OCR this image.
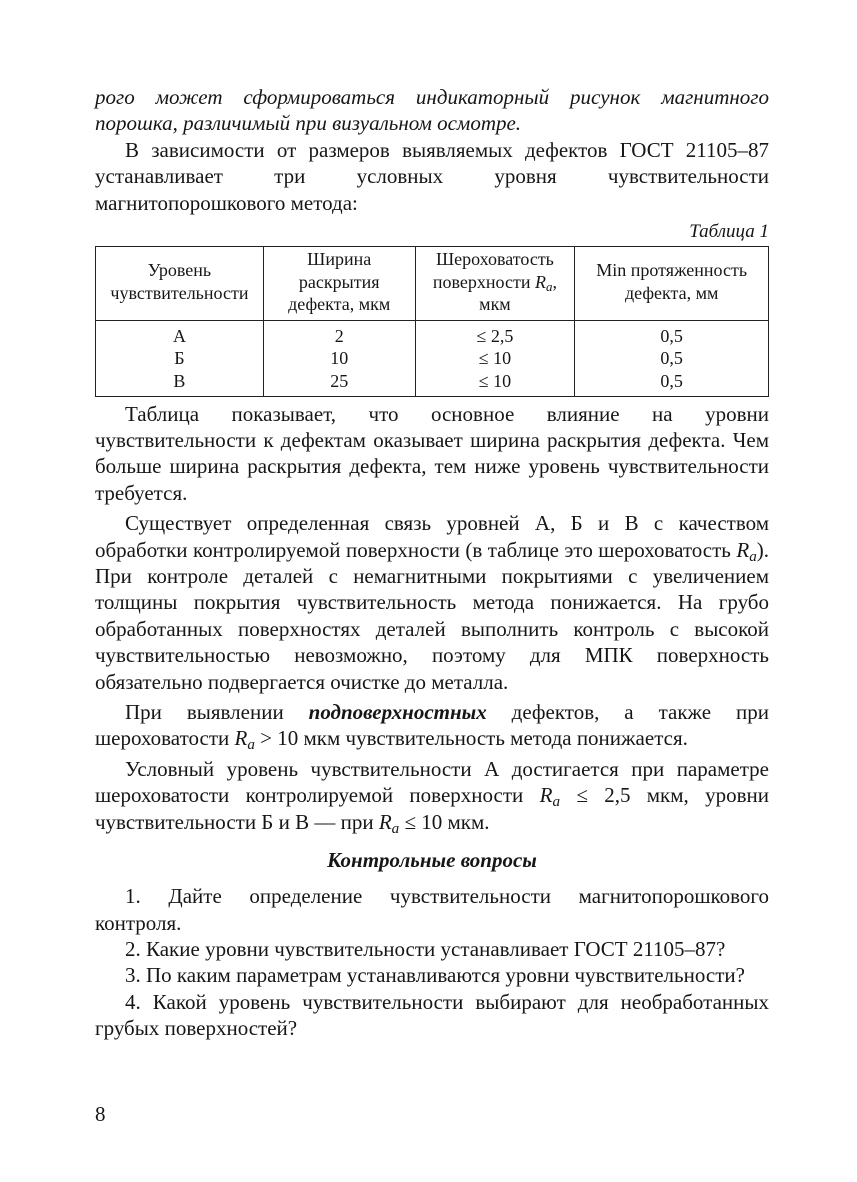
рого может сформироваться индикаторный рисунок магнитного порошка, различимый при визуальном осмотре.

В зависимости от размеров выявляемых дефектов ГОСТ 21105–87 устанавливает три условных уровня чувствительности магнитопорошкового метода:

Таблица 1
Уровень чувствительности	Ширина раскрытия дефекта, мкм	Шероховатость поверхности $R_a$, мкм	Min протяженность дефекта, мм
А	2	≤ 2,5	0,5
Б	10	≤ 10	0,5
В	25	≤ 10	0,5

Таблица показывает, что основное влияние на уровни чувствительности к дефектам оказывает ширина раскрытия дефекта. Чем больше ширина раскрытия дефекта, тем ниже уровень чувствительности требуется.

Существует определенная связь уровней А, Б и В с качеством обработки контролируемой поверхности (в таблице это шероховатость $R_a$). При контроле деталей с немагнитными покрытиями с увеличением толщины покрытия чувствительность метода понижается. На грубо обработанных поверхностях деталей выполнить контроль с высокой чувствительностью невозможно, поэтому для МПК поверхность обязательно подвергается очистке до металла.

При выявлении подповерхностных дефектов, а также при шероховатости $R_a > 10$ мкм чувствительность метода понижается.

Условный уровень чувствительности А достигается при параметре шероховатости контролируемой поверхности $R_a \le 2,5$ мкм, уровни чувствительности Б и В — при $R_a \le 10$ мкм.

Контрольные вопросы

1. Дайте определение чувствительности магнитопорошкового контроля.

2. Какие уровни чувствительности устанавливает ГОСТ 21105–87?

3. По каким параметрам устанавливаются уровни чувствительности?

4. Какой уровень чувствительности выбирают для необработанных грубых поверхностей?

8
